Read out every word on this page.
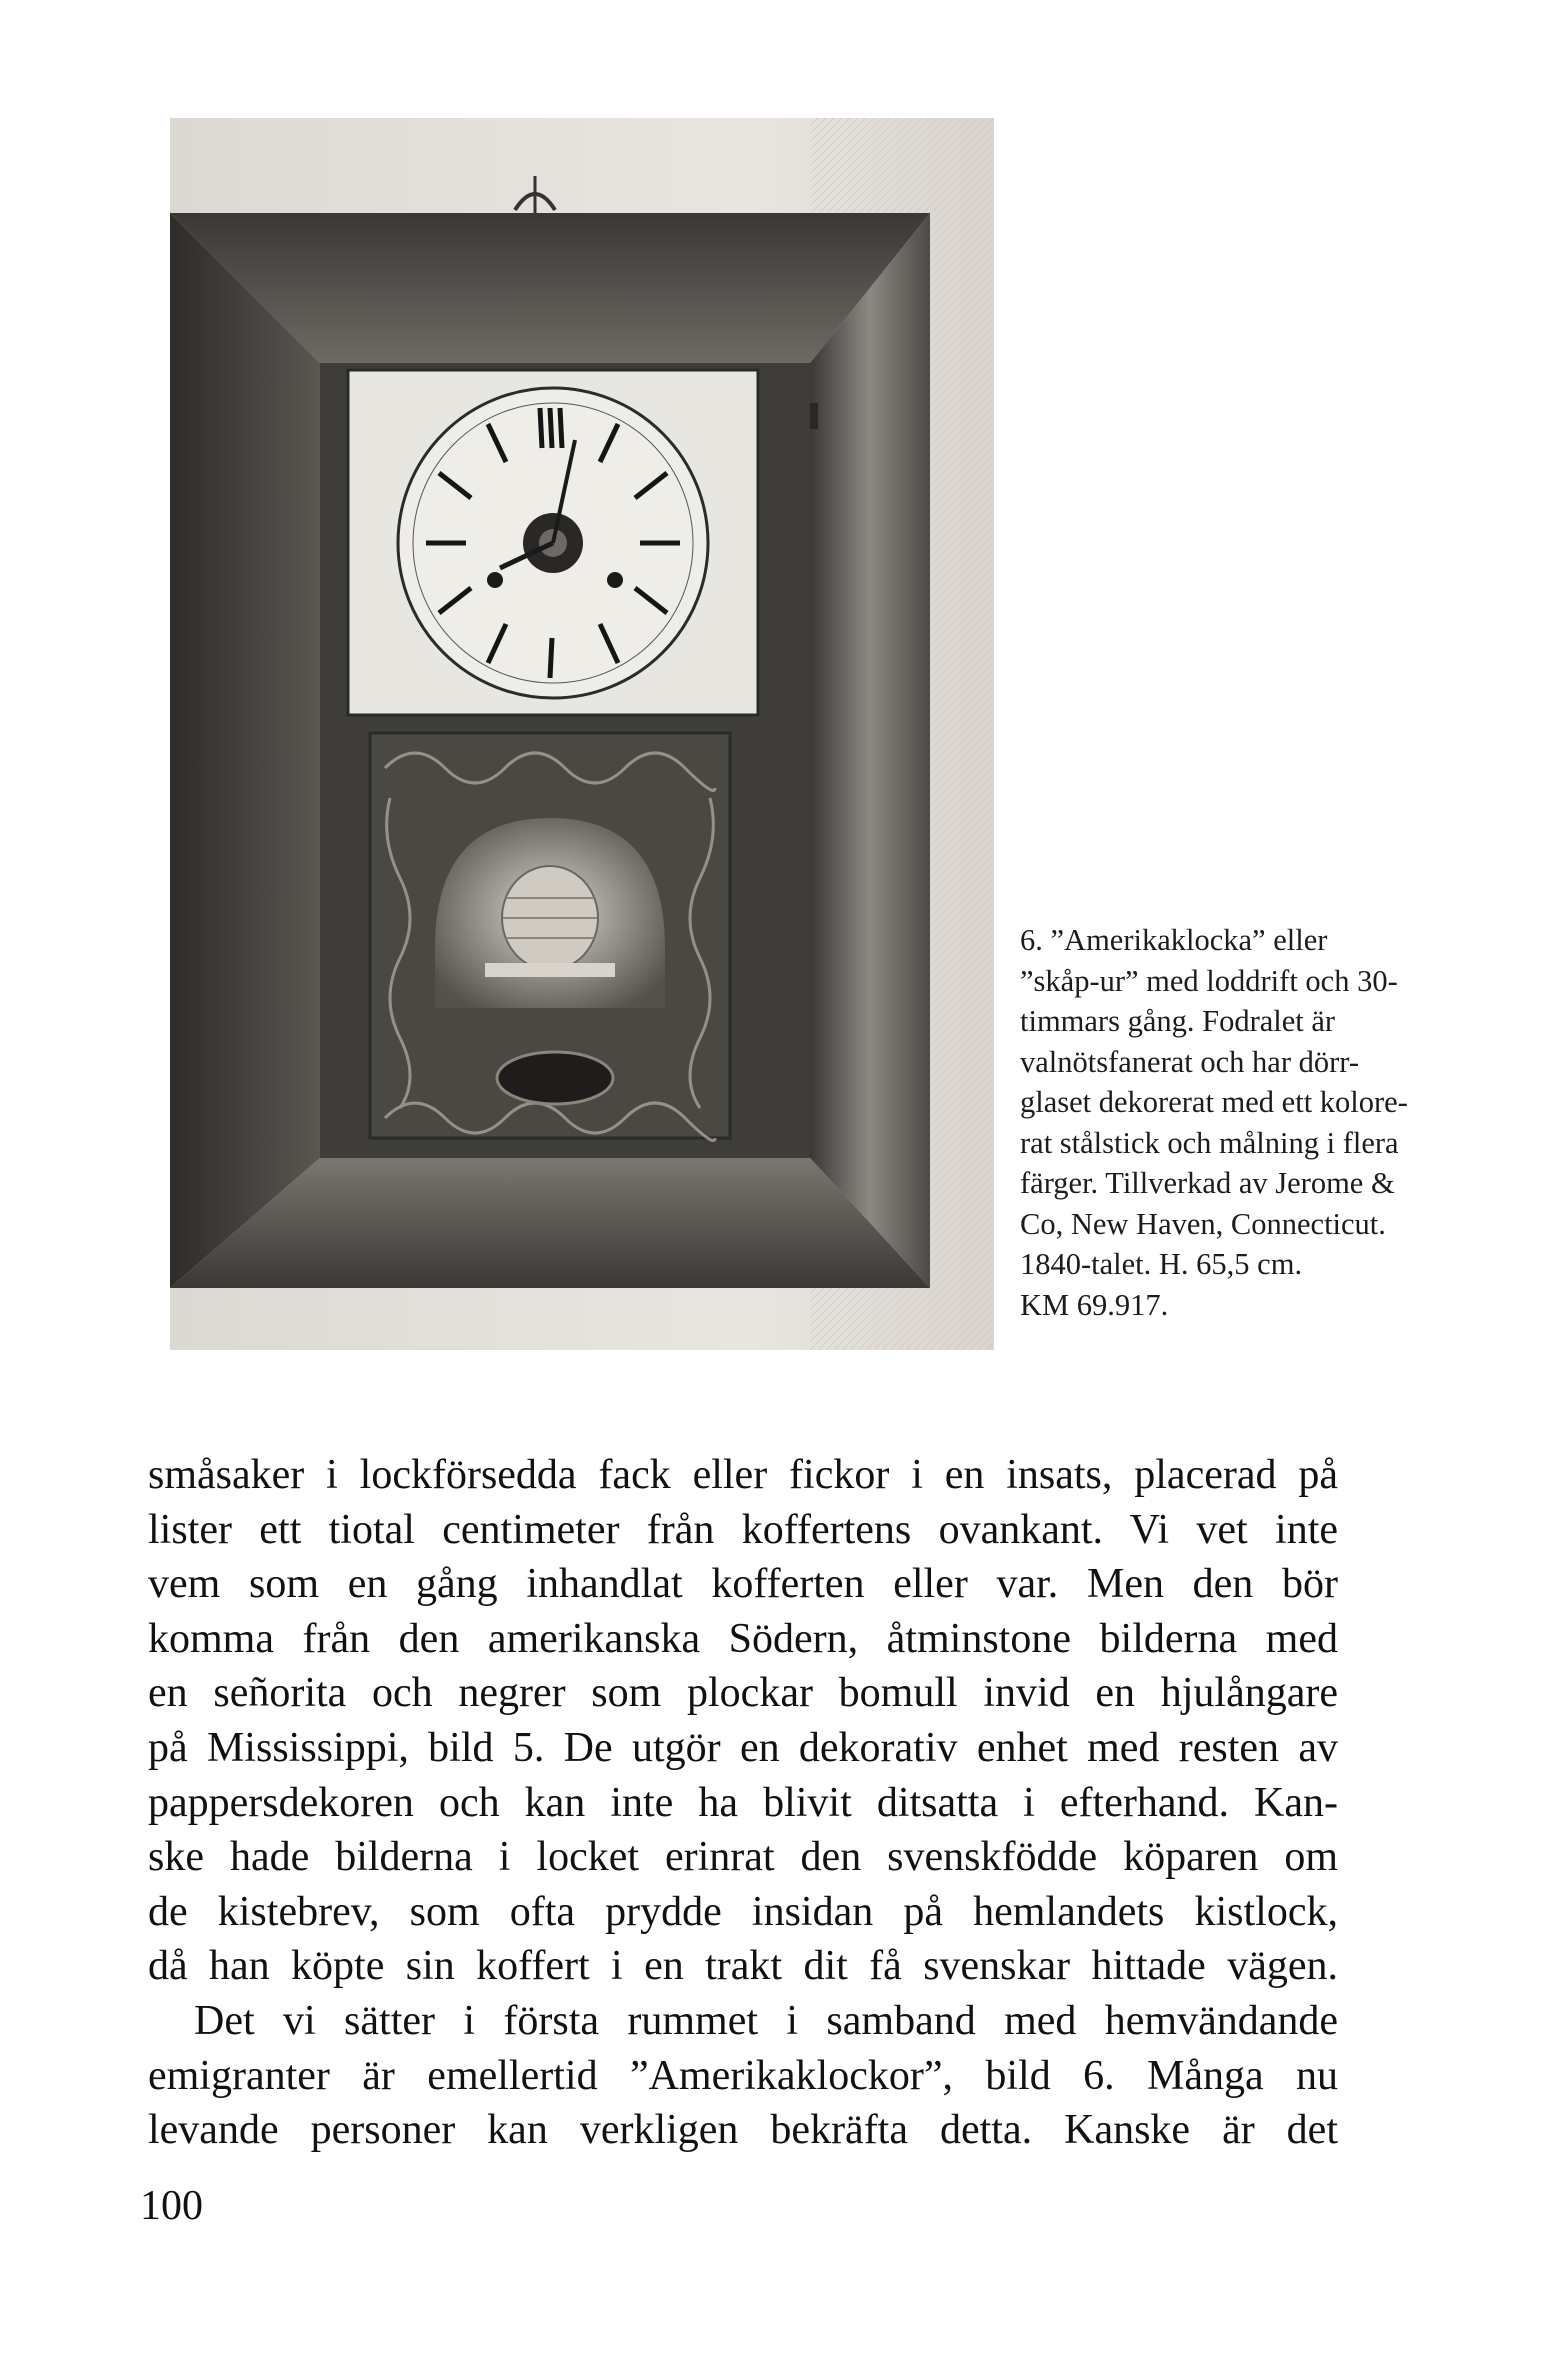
6. ”Amerikaklocka” eller
”skåp-ur” med loddrift och 30-
timmars gång. Fodralet är
valnötsfanerat och har dörr-
glaset dekorerat med ett kolore-
rat stålstick och målning i flera
färger. Tillverkad av Jerome &
Co, New Haven, Connecticut.
1840-talet. H. 65,5 cm.
KM 69.917.
småsaker i lockförsedda fack eller fickor i en insats, placerad på
lister ett tiotal centimeter från koffertens ovankant. Vi vet inte
vem som en gång inhandlat kofferten eller var. Men den bör
komma från den amerikanska Södern, åtminstone bilderna med
en señorita och negrer som plockar bomull invid en hjulångare
på Mississippi, bild 5. De utgör en dekorativ enhet med resten av
pappersdekoren och kan inte ha blivit ditsatta i efterhand. Kan-
ske hade bilderna i locket erinrat den svenskfödde köparen om
de kistebrev, som ofta prydde insidan på hemlandets kistlock,
då han köpte sin koffert i en trakt dit få svenskar hittade vägen.
Det vi sätter i första rummet i samband med hemvändande
emigranter är emellertid ”Amerikaklockor”, bild 6. Många nu
levande personer kan verkligen bekräfta detta. Kanske är det
100
